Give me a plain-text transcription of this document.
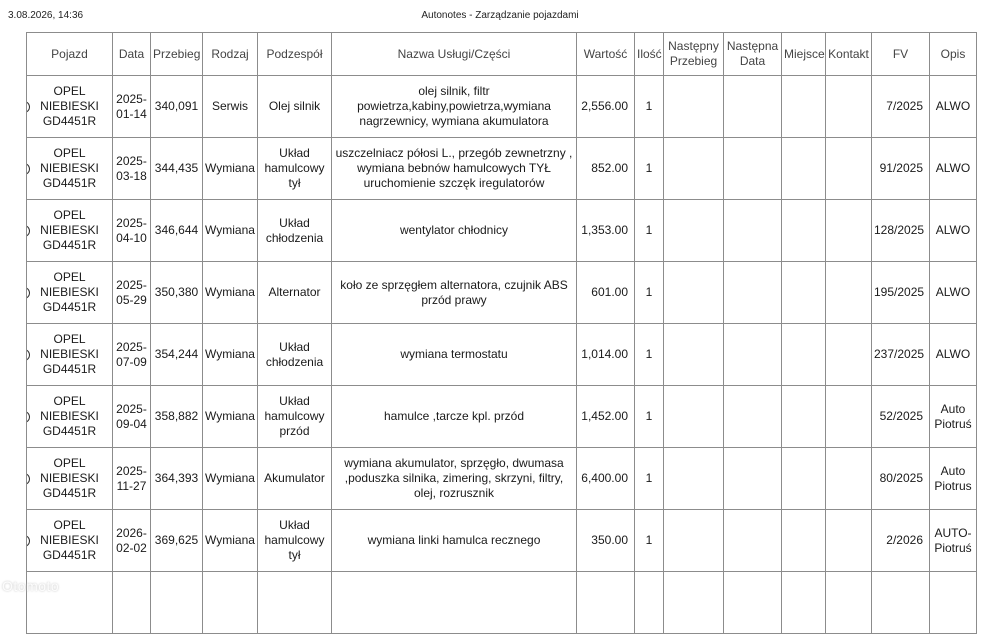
3.08.2026, 14:36	Autonotes - Zarządzanie pojazdami
Pojazd	Data	Przebieg	Rodzaj	Podzespół	Nazwa Usługi/Części	Wartość	Ilość	Następny Przebieg	Następna Data	Miejsce	Kontakt	FV	Opis

OPEL NIEBIESKI GD4451R	2025-01-14	340,091	Serwis	Olej silnik	olej silnik, filtr powietrza,kabiny,powietrza,wymiana nagrzewnicy, wymiana akumulatora	2,556.00	1					7/2025	ALWO

OPEL NIEBIESKI GD4451R	2025-03-18	344,435	Wymiana	Układ hamulcowy tył	uszczelniacz półosi L., przegób zewnetrzny , wymiana bebnów hamulcowych TYŁ uruchomienie szczęk iregulatorów	852.00	1					91/2025	ALWO

OPEL NIEBIESKI GD4451R	2025-04-10	346,644	Wymiana	Układ chłodzenia	wentylator chłodnicy	1,353.00	1					128/2025	ALWO

OPEL NIEBIESKI GD4451R	2025-05-29	350,380	Wymiana	Alternator	koło ze sprzęgłem alternatora, czujnik ABS przód prawy	601.00	1					195/2025	ALWO

OPEL NIEBIESKI GD4451R	2025-07-09	354,244	Wymiana	Układ chłodzenia	wymiana termostatu	1,014.00	1					237/2025	ALWO

OPEL NIEBIESKI GD4451R	2025-09-04	358,882	Wymiana	Układ hamulcowy przód	hamulce ,tarcze kpl. przód	1,452.00	1					52/2025	Auto Piotruś

OPEL NIEBIESKI GD4451R	2025-11-27	364,393	Wymiana	Akumulator	wymiana akumulator, sprzęgło, dwumasa ,poduszka silnika, zimering, skrzyni, filtry, olej, rozrusznik	6,400.00	1					80/2025	Auto Piotrus

OPEL NIEBIESKI GD4451R	2026-02-02	369,625	Wymiana	Układ hamulcowy tył	wymiana linki hamulca recznego	350.00	1					2/2026	AUTO-Piotruś

Otomoto
